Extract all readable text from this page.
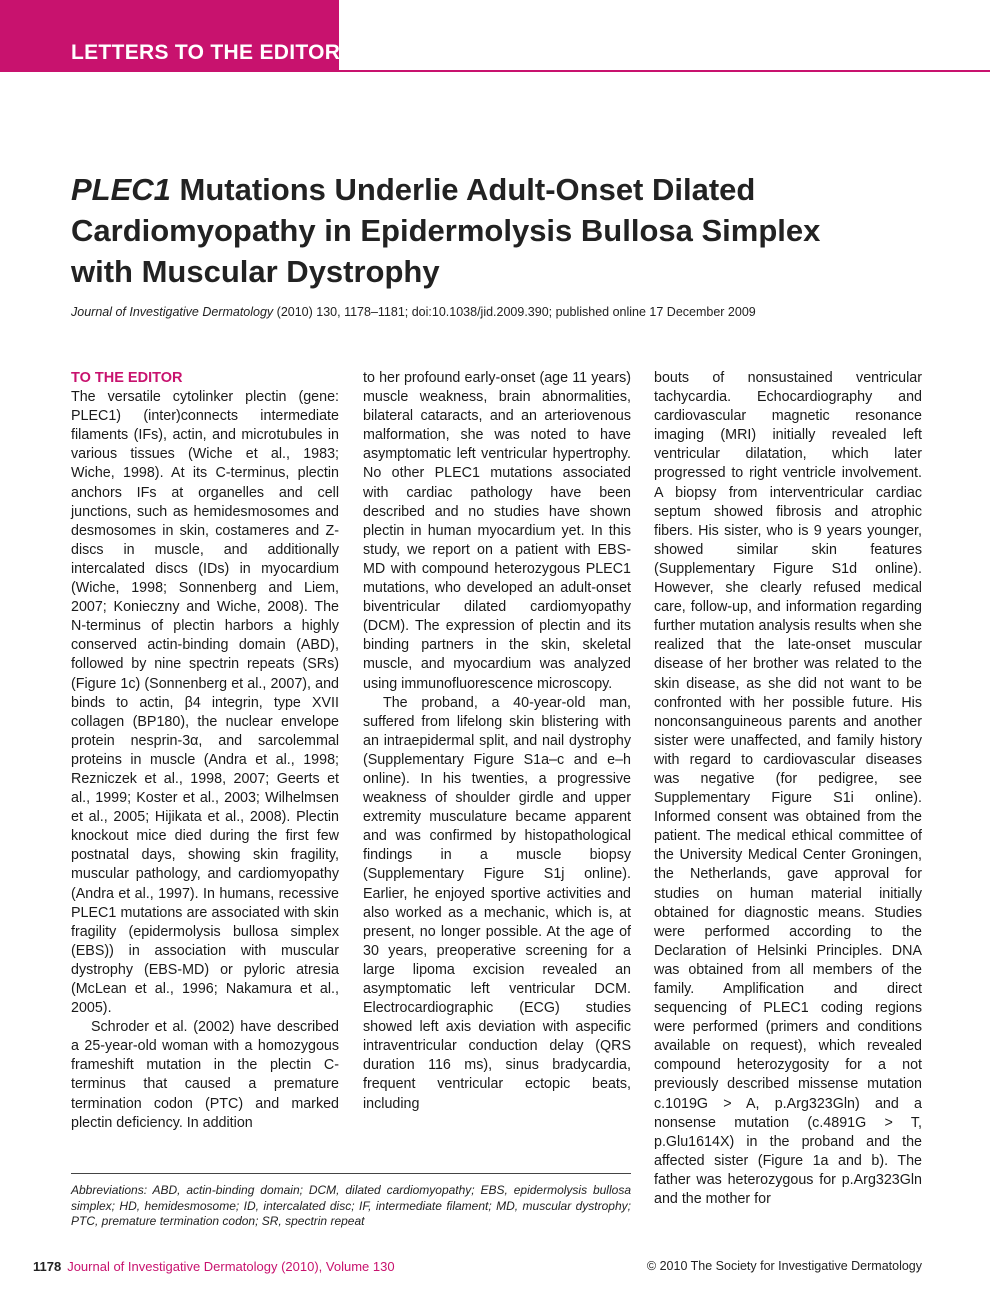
LETTERS TO THE EDITOR
PLEC1 Mutations Underlie Adult-Onset Dilated Cardiomyopathy in Epidermolysis Bullosa Simplex with Muscular Dystrophy
Journal of Investigative Dermatology (2010) 130, 1178–1181; doi:10.1038/jid.2009.390; published online 17 December 2009

TO THE EDITOR

The versatile cytolinker plectin (gene: PLEC1) (inter)connects intermediate filaments (IFs), actin, and microtubules in various tissues (Wiche et al., 1983; Wiche, 1998). At its C-terminus, plectin anchors IFs at organelles and cell junctions, such as hemidesmosomes and desmosomes in skin, costameres and Z-discs in muscle, and additionally intercalated discs (IDs) in myocardium (Wiche, 1998; Sonnenberg and Liem, 2007; Konieczny and Wiche, 2008). The N-terminus of plectin harbors a highly conserved actin-binding domain (ABD), followed by nine spectrin repeats (SRs) (Figure 1c) (Sonnenberg et al., 2007), and binds to actin, β4 integrin, type XVII collagen (BP180), the nuclear envelope protein nesprin-3α, and sarcolemmal proteins in muscle (Andra et al., 1998; Rezniczek et al., 1998, 2007; Geerts et al., 1999; Koster et al., 2003; Wilhelmsen et al., 2005; Hijikata et al., 2008). Plectin knockout mice died during the first few postnatal days, showing skin fragility, muscular pathology, and cardiomyopathy (Andra et al., 1997). In humans, recessive PLEC1 mutations are associated with skin fragility (epidermolysis bullosa simplex (EBS)) in association with muscular dystrophy (EBS-MD) or pyloric atresia (McLean et al., 1996; Nakamura et al., 2005).

Schroder et al. (2002) have described a 25-year-old woman with a homozygous frameshift mutation in the plectin C-terminus that caused a premature termination codon (PTC) and marked plectin deficiency. In addition

to her profound early-onset (age 11 years) muscle weakness, brain abnormalities, bilateral cataracts, and an arteriovenous malformation, she was noted to have asymptomatic left ventricular hypertrophy. No other PLEC1 mutations associated with cardiac pathology have been described and no studies have shown plectin in human myocardium yet. In this study, we report on a patient with EBS-MD with compound heterozygous PLEC1 mutations, who developed an adult-onset biventricular dilated cardiomyopathy (DCM). The expression of plectin and its binding partners in the skin, skeletal muscle, and myocardium was analyzed using immunofluorescence microscopy.

The proband, a 40-year-old man, suffered from lifelong skin blistering with an intraepidermal split, and nail dystrophy (Supplementary Figure S1a–c and e–h online). In his twenties, a progressive weakness of shoulder girdle and upper extremity musculature became apparent and was confirmed by histopathological findings in a muscle biopsy (Supplementary Figure S1j online). Earlier, he enjoyed sportive activities and also worked as a mechanic, which is, at present, no longer possible. At the age of 30 years, preoperative screening for a large lipoma excision revealed an asymptomatic left ventricular DCM. Electrocardiographic (ECG) studies showed left axis deviation with aspecific intraventricular conduction delay (QRS duration 116 ms), sinus bradycardia, frequent ventricular ectopic beats, including

bouts of nonsustained ventricular tachycardia. Echocardiography and cardiovascular magnetic resonance imaging (MRI) initially revealed left ventricular dilatation, which later progressed to right ventricle involvement. A biopsy from interventricular cardiac septum showed fibrosis and atrophic fibers. His sister, who is 9 years younger, showed similar skin features (Supplementary Figure S1d online). However, she clearly refused medical care, follow-up, and information regarding further mutation analysis results when she realized that the late-onset muscular disease of her brother was related to the skin disease, as she did not want to be confronted with her possible future. His nonconsanguineous parents and another sister were unaffected, and family history with regard to cardiovascular diseases was negative (for pedigree, see Supplementary Figure S1i online). Informed consent was obtained from the patient. The medical ethical committee of the University Medical Center Groningen, the Netherlands, gave approval for studies on human material initially obtained for diagnostic means. Studies were performed according to the Declaration of Helsinki Principles. DNA was obtained from all members of the family. Amplification and direct sequencing of PLEC1 coding regions were performed (primers and conditions available on request), which revealed compound heterozygosity for a not previously described missense mutation c.1019G > A, p.Arg323Gln) and a nonsense mutation (c.4891G > T, p.Glu1614X) in the proband and the affected sister (Figure 1a and b). The father was heterozygous for p.Arg323Gln and the mother for

Abbreviations: ABD, actin-binding domain; DCM, dilated cardiomyopathy; EBS, epidermolysis bullosa simplex; HD, hemidesmosome; ID, intercalated disc; IF, intermediate filament; MD, muscular dystrophy; PTC, premature termination codon; SR, spectrin repeat
1178 Journal of Investigative Dermatology (2010), Volume 130	© 2010 The Society for Investigative Dermatology
